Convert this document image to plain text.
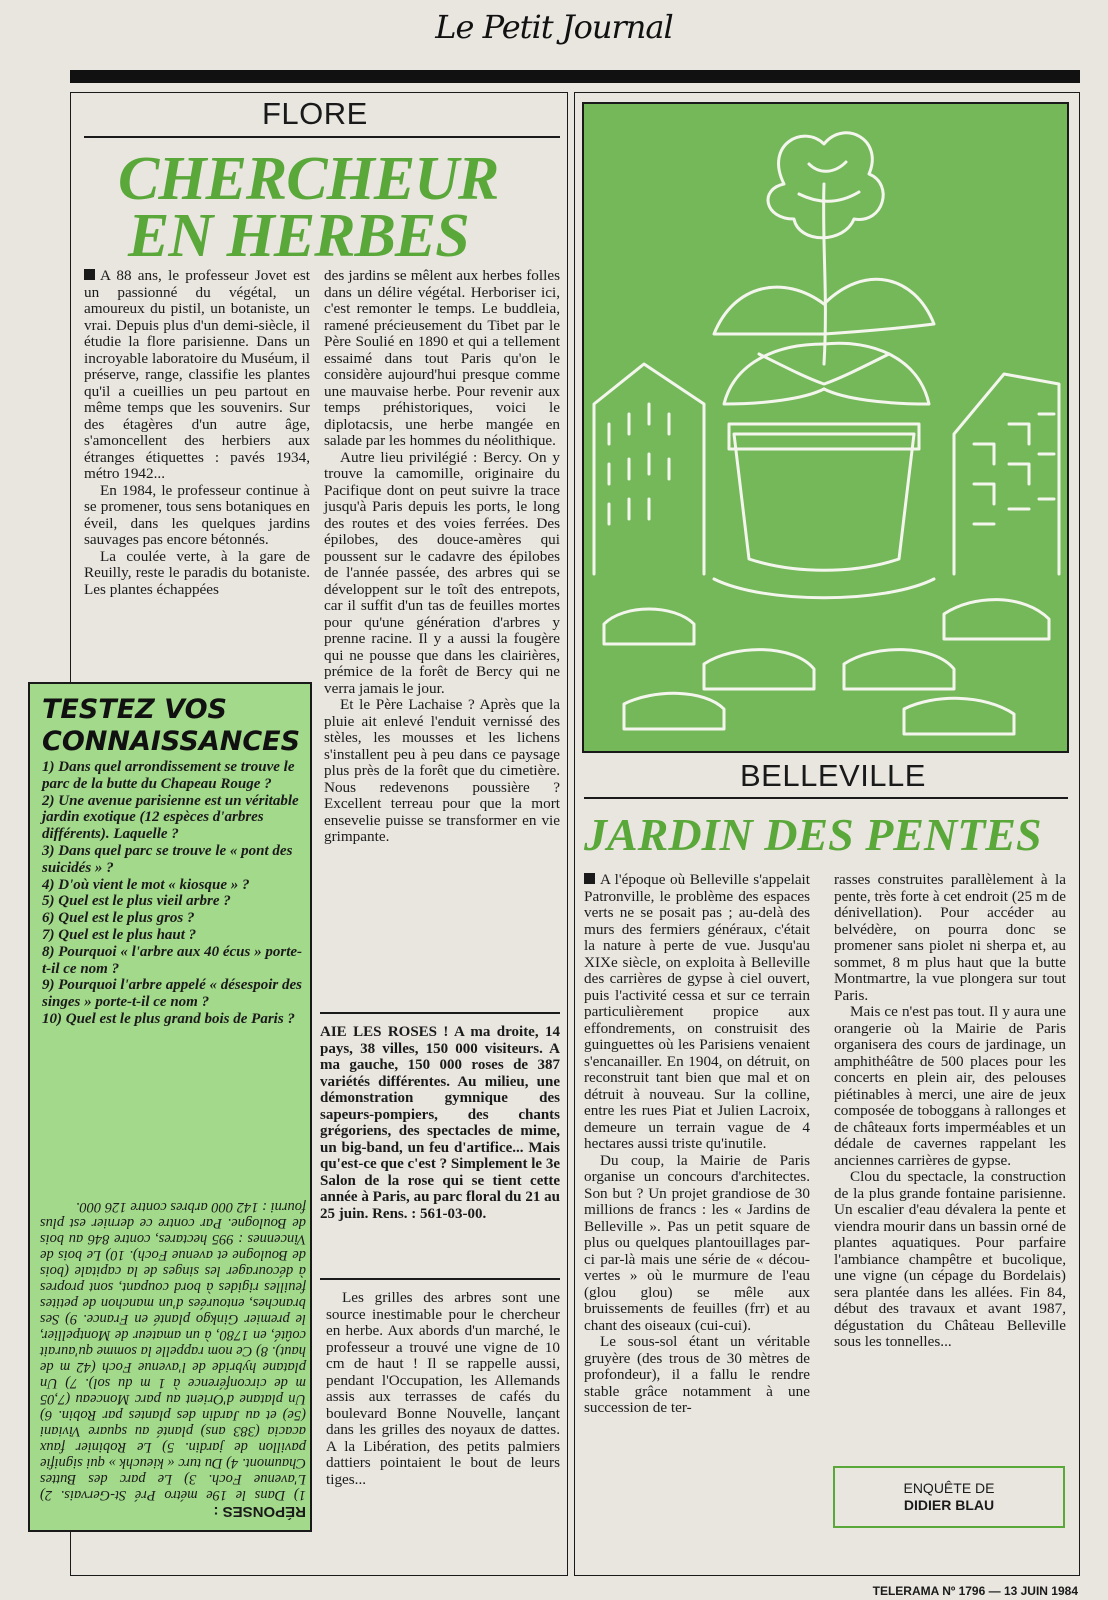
Le Petit Journal
FLORE
CHERCHEUR
EN HERBES

A 88 ans, le professeur Jovet est un passionné du végétal, un amoureux du pistil, un botaniste, un vrai. Depuis plus d'un demi-siècle, il étudie la flore parisienne. Dans un incroyable laboratoire du Muséum, il préserve, range, classifie les plantes qu'il a cueillies un peu partout en même temps que les souvenirs. Sur des étagères d'un autre âge, s'amoncellent des herbiers aux étranges étiquettes : pavés 1934, métro 1942...

En 1984, le professeur continue à se promener, tous sens botaniques en éveil, dans les quelques jardins sauvages pas encore bétonnés.

La coulée verte, à la gare de Reuilly, reste le paradis du botaniste. Les plantes échappées

des jardins se mêlent aux herbes folles dans un délire végétal. Herboriser ici, c'est remonter le temps. Le buddleia, ramené précieusement du Tibet par le Père Soulié en 1890 et qui a tellement essaimé dans tout Paris qu'on le considère aujourd'hui presque comme une mauvaise herbe. Pour revenir aux temps préhistoriques, voici le diplotacsis, une herbe mangée en salade par les hommes du néolithique.

Autre lieu privilégié : Bercy. On y trouve la camomille, originaire du Pacifique dont on peut suivre la trace jusqu'à Paris depuis les ports, le long des routes et des voies ferrées. Des épilobes, des douce-amères qui poussent sur le cadavre des épilobes de l'année passée, des arbres qui se développent sur le toît des entrepots, car il suffit d'un tas de feuilles mortes pour qu'une génération d'arbres y prenne racine. Il y a aussi la fougère qui ne pousse que dans les clairières, prémice de la forêt de Bercy qui ne verra jamais le jour.

Et le Père Lachaise ? Après que la pluie ait enlevé l'enduit vernissé des stèles, les mousses et les lichens s'installent peu à peu dans ce paysage plus près de la forêt que du cimetière. Nous redevenons poussière ? Excellent terreau pour que la mort ensevelie puisse se transformer en vie grimpante.

TESTEZ VOS
CONNAISSANCES
1) Dans quel arrondissement se trouve le parc de la butte du Chapeau Rouge ?
2) Une avenue parisienne est un véritable jardin exotique (12 espèces d'arbres différents). Laquelle ?
3) Dans quel parc se trouve le « pont des suicidés » ?
4) D'où vient le mot « kiosque » ?
5) Quel est le plus vieil arbre ?
6) Quel est le plus gros ?
7) Quel est le plus haut ?
8) Pourquoi « l'arbre aux 40 écus » porte-t-il ce nom ?
9) Pourquoi l'arbre appelé « désespoir des singes » porte-t-il ce nom ?
10) Quel est le plus grand bois de Paris ?
RÉPONSES :
1) Dans le 19e métro Pré St-Gervais. 2) L'avenue Foch. 3) Le parc des Buttes Chaumont. 4) Du turc « kieuchk » qui signifie pavillon de jardin. 5) Le Robinier faux acacia (383 ans) planté au square Viviani (5e) et au Jardin des plantes par Robin. 6) Un platane d'Orient au parc Monceau (7,05 m de circonférence à 1 m du sol). 7) Un platane hybride de l'avenue Foch (42 m de haut). 8) Ce nom rappelle la somme qu'aurait coûté, en 1780, à un amateur de Montpellier, le premier Ginkgo planté en France. 9) Ses branches, entourées d'un manchon de petites feuilles rigides à bord coupant, sont propres à décourager les singes de la capitale (bois de Boulogne et avenue Foch). 10) Le bois de Vincennes : 995 hectares, contre 846 au bois de Boulogne. Par contre ce dernier est plus fourni : 142 000 arbres contre 126 000.
AIE LES ROSES ! A ma droite, 14 pays, 38 villes, 150 000 visiteurs. A ma gauche, 150 000 roses de 387 variétés différentes. Au milieu, une démonstration gymnique des sapeurs-pompiers, des chants grégoriens, des spectacles de mime, un big-band, un feu d'artifice... Mais qu'est-ce que c'est ? Simplement le 3e Salon de la rose qui se tient cette année à Paris, au parc floral du 21 au 25 juin. Rens. : 561-03-00.

Les grilles des arbres sont une source inestimable pour le chercheur en herbe. Aux abords d'un marché, le professeur a trouvé une vigne de 10 cm de haut ! Il se rappelle aussi, pendant l'Occupation, les Allemands assis aux terrasses de cafés du boulevard Bonne Nouvelle, lançant dans les grilles des noyaux de dattes. A la Libération, des petits palmiers dattiers pointaient le bout de leurs tiges...

BELLEVILLE
JARDIN DES PENTES

A l'époque où Belleville s'appelait Patronville, le problème des espaces verts ne se posait pas ; au-delà des murs des fermiers généraux, c'était la nature à perte de vue. Jusqu'au XIXe siècle, on exploita à Belleville des carrières de gypse à ciel ouvert, puis l'activité cessa et sur ce terrain particulièrement propice aux effondrements, on construisit des guinguettes où les Parisiens venaient s'encanailler. En 1904, on détruit, on reconstruit tant bien que mal et on détruit à nouveau. Sur la colline, entre les rues Piat et Julien Lacroix, demeure un terrain vague de 4 hectares aussi triste qu'inutile.

Du coup, la Mairie de Paris organise un concours d'architectes. Son but ? Un projet grandiose de 30 millions de francs : les « Jardins de Belleville ». Pas un petit square de plus ou quelques plantouillages par-ci par-là mais une série de « décou-vertes » où le murmure de l'eau (glou glou) se mêle aux bruissements de feuilles (frr) et au chant des oiseaux (cui-cui).

Le sous-sol étant un véritable gruyère (des trous de 30 mètres de profondeur), il a fallu le rendre stable grâce notamment à une succession de ter-

rasses construites parallèlement à la pente, très forte à cet endroit (25 m de dénivellation). Pour accéder au belvédère, on pourra donc se promener sans piolet ni sherpa et, au sommet, 8 m plus haut que la butte Montmartre, la vue plongera sur tout Paris.

Mais ce n'est pas tout. Il y aura une orangerie où la Mairie de Paris organisera des cours de jardinage, un amphithéâtre de 500 places pour les concerts en plein air, des pelouses piétinables à merci, une aire de jeux composée de toboggans à rallonges et de châteaux forts imperméables et un dédale de cavernes rappelant les anciennes carrières de gypse.

Clou du spectacle, la construction de la plus grande fontaine parisienne. Un escalier d'eau dévalera la pente et viendra mourir dans un bassin orné de plantes aquatiques. Pour parfaire l'ambiance champêtre et bucolique, une vigne (un cépage du Bordelais) sera plantée dans les allées. Fin 84, début des travaux et avant 1987, dégustation du Château Belleville sous les tonnelles...

ENQUÊTE DE
DIDIER BLAU
TELERAMA Nº 1796 — 13 JUIN 1984
